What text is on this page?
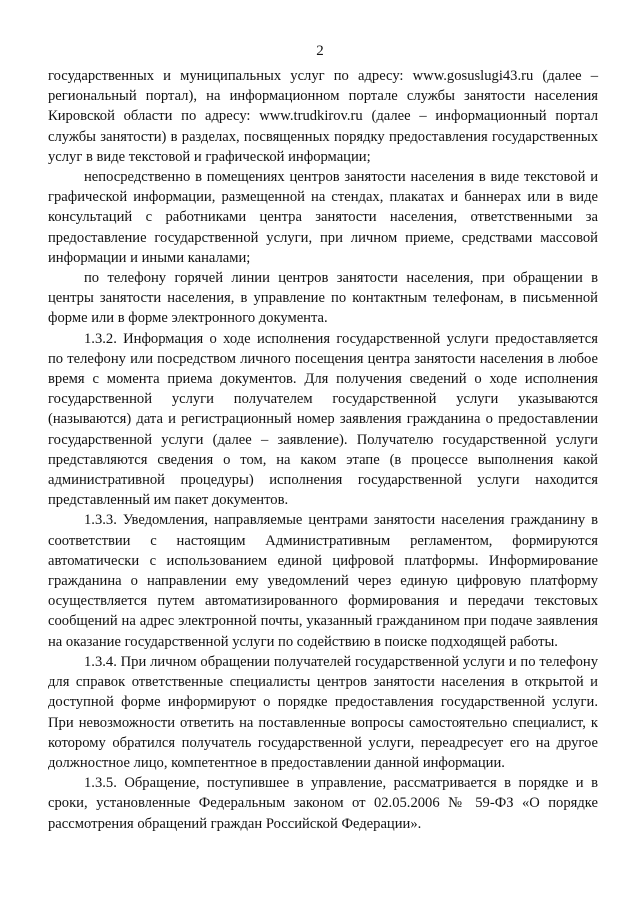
2

государственных и муниципальных услуг по адресу: www.gosuslugi43.ru (далее – региональный портал), на информационном портале службы занятости населения Кировской области по адресу: www.trudkirov.ru (далее – информационный портал службы занятости) в разделах, посвященных порядку предоставления государственных услуг в виде текстовой и графической информации;

непосредственно в помещениях центров занятости населения в виде текстовой и графической информации, размещенной на стендах, плакатах и баннерах или в виде консультаций с работниками центра занятости населения, ответственными за предоставление государственной услуги, при личном приеме, средствами массовой информации и иными каналами;

по телефону горячей линии центров занятости населения, при обращении в центры занятости населения, в управление по контактным телефонам, в письменной форме или в форме электронного документа.

1.3.2. Информация о ходе исполнения государственной услуги предоставляется по телефону или посредством личного посещения центра занятости населения в любое время с момента приема документов. Для получения сведений о ходе исполнения государственной услуги получателем государственной услуги указываются (называются) дата и регистрационный номер заявления гражданина о предоставлении государственной услуги (далее – заявление). Получателю государственной услуги представляются сведения о том, на каком этапе (в процессе выполнения какой административной процедуры) исполнения государственной услуги находится представленный им пакет документов.

1.3.3. Уведомления, направляемые центрами занятости населения гражданину в соответствии с настоящим Административным регламентом, формируются автоматически с использованием единой цифровой платформы. Информирование гражданина о направлении ему уведомлений через единую цифровую платформу осуществляется путем автоматизированного формирования и передачи текстовых сообщений на адрес электронной почты, указанный гражданином при подаче заявления на оказание государственной услуги по содействию в поиске подходящей работы.

1.3.4. При личном обращении получателей государственной услуги и по телефону для справок ответственные специалисты центров занятости населения в открытой и доступной форме информируют о порядке предоставления государственной услуги. При невозможности ответить на поставленные вопросы самостоятельно специалист, к которому обратился получатель государственной услуги, переадресует его на другое должностное лицо, компетентное в предоставлении данной информации.

1.3.5. Обращение, поступившее в управление, рассматривается в порядке и в сроки, установленные Федеральным законом от 02.05.2006 № 59-ФЗ «О порядке рассмотрения обращений граждан Российской Федерации».
